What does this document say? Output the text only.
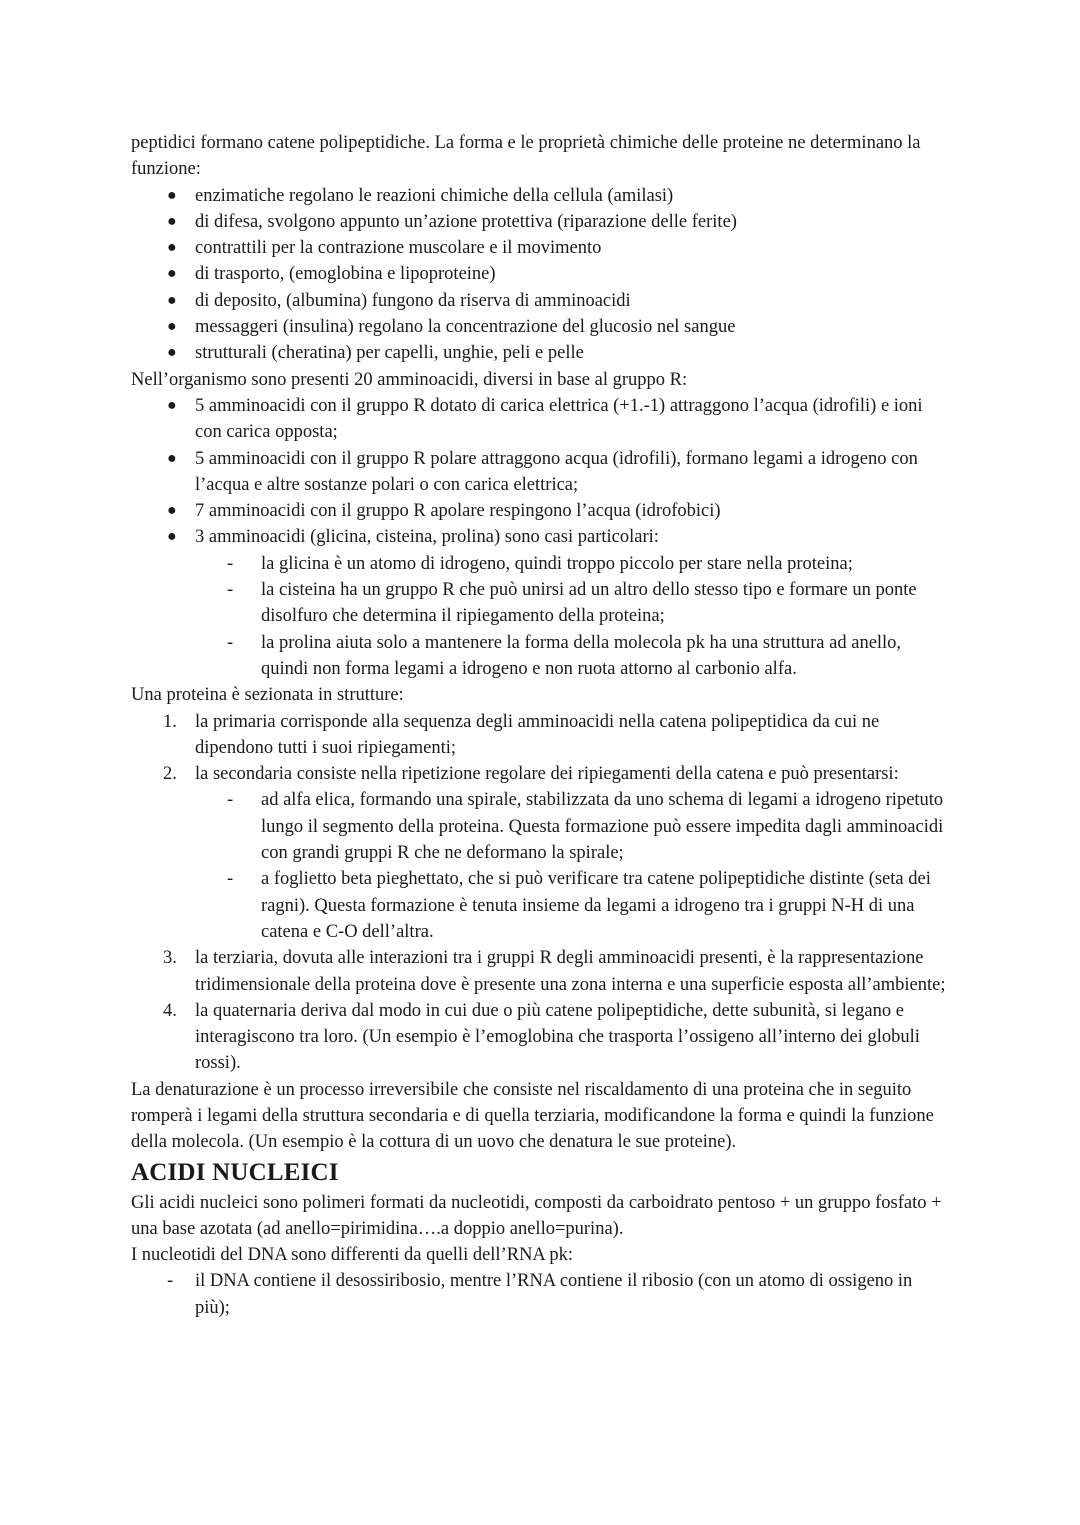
peptidici formano catene polipeptidiche. La forma e le proprietà chimiche delle proteine ne determinano la funzione:

● enzimatiche regolano le reazioni chimiche della cellula (amilasi)
● di difesa, svolgono appunto un’azione protettiva (riparazione delle ferite)
● contrattili per la contrazione muscolare e il movimento
● di trasporto, (emoglobina e lipoproteine)
● di deposito, (albumina) fungono da riserva di amminoacidi
● messaggeri (insulina) regolano la concentrazione del glucosio nel sangue
● strutturali (cheratina) per capelli, unghie, peli e pelle

Nell’organismo sono presenti 20 amminoacidi, diversi in base al gruppo R:

● 5 amminoacidi con il gruppo R dotato di carica elettrica (+1.-1) attraggono l’acqua (idrofili) e ioni con carica opposta;
● 5 amminoacidi con il gruppo R polare attraggono acqua (idrofili), formano legami a idrogeno con l’acqua e altre sostanze polari o con carica elettrica;
● 7 amminoacidi con il gruppo R apolare respingono l’acqua (idrofobici)
● 3 amminoacidi (glicina, cisteina, prolina) sono casi particolari:
- la glicina è un atomo di idrogeno, quindi troppo piccolo per stare nella proteina;
- la cisteina ha un gruppo R che può unirsi ad un altro dello stesso tipo e formare un ponte disolfuro che determina il ripiegamento della proteina;
- la prolina aiuta solo a mantenere la forma della molecola pk ha una struttura ad anello, quindi non forma legami a idrogeno e non ruota attorno al carbonio alfa.

Una proteina è sezionata in strutture:

1. la primaria corrisponde alla sequenza degli amminoacidi nella catena polipeptidica da cui ne dipendono tutti i suoi ripiegamenti;
2. la secondaria consiste nella ripetizione regolare dei ripiegamenti della catena e può presentarsi:
- ad alfa elica, formando una spirale, stabilizzata da uno schema di legami a idrogeno ripetuto lungo il segmento della proteina. Questa formazione può essere impedita dagli amminoacidi con grandi gruppi R che ne deformano la spirale;
- a foglietto beta pieghettato, che si può verificare tra catene polipeptidiche distinte (seta dei ragni). Questa formazione è tenuta insieme da legami a idrogeno tra i gruppi N-H di una catena e C-O dell’altra.
3. la terziaria, dovuta alle interazioni tra i gruppi R degli amminoacidi presenti, è la rappresentazione tridimensionale della proteina dove è presente una zona interna e una superficie esposta all’ambiente;
4. la quaternaria deriva dal modo in cui due o più catene polipeptidiche, dette subunità, si legano e interagiscono tra loro. (Un esempio è l’emoglobina che trasporta l’ossigeno all’interno dei globuli rossi).

La denaturazione è un processo irreversibile che consiste nel riscaldamento di una proteina che in seguito romperà i legami della struttura secondaria e di quella terziaria, modificandone la forma e quindi la funzione della molecola. (Un esempio è la cottura di un uovo che denatura le sue proteine).

ACIDI NUCLEICI

Gli acidi nucleici sono polimeri formati da nucleotidi, composti da carboidrato pentoso + un gruppo fosfato + una base azotata (ad anello=pirimidina….a doppio anello=purina).

I nucleotidi del DNA sono differenti da quelli dell’RNA pk:

- il DNA contiene il desossiribosio, mentre l’RNA contiene il ribosio (con un atomo di ossigeno in più);
